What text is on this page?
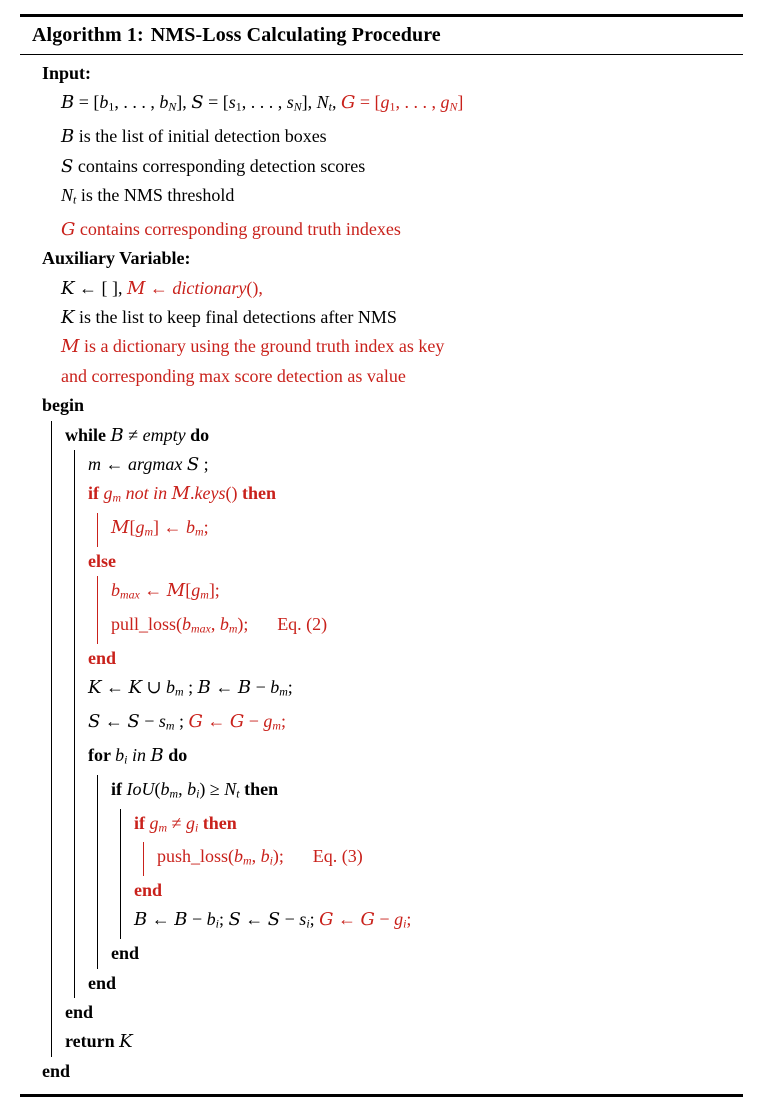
Algorithm 1: NMS-Loss Calculating Procedure
Input:
B = [b1, . . . , bN], S = [s1, . . . , sN], Nt, G = [g1, . . . , gN]
B is the list of initial detection boxes
S contains corresponding detection scores
Nt is the NMS threshold
G contains corresponding ground truth indexes
Auxiliary Variable:
K ← [ ], M ← dictionary(),
K is the list to keep final detections after NMS
M is a dictionary using the ground truth index as key
and corresponding max score detection as value
begin
while B ≠ empty do
m ← argmax S ;
if gm not in M.keys() then
M[gm] ← bm;
else
bmax ← M[gm];
pull_loss(bmax, bm); Eq. (2)
end
K ← K ∪ bm ; B ← B − bm;
S ← S − sm ; G ← G − gm;
for bi in B do
if IoU(bm, bi) ≥ Nt then
if gm ≠ gi then
push_loss(bm, bi); Eq. (3)
end
B ← B − bi; S ← S − si; G ← G − gi;
end
end
end
return K
end
